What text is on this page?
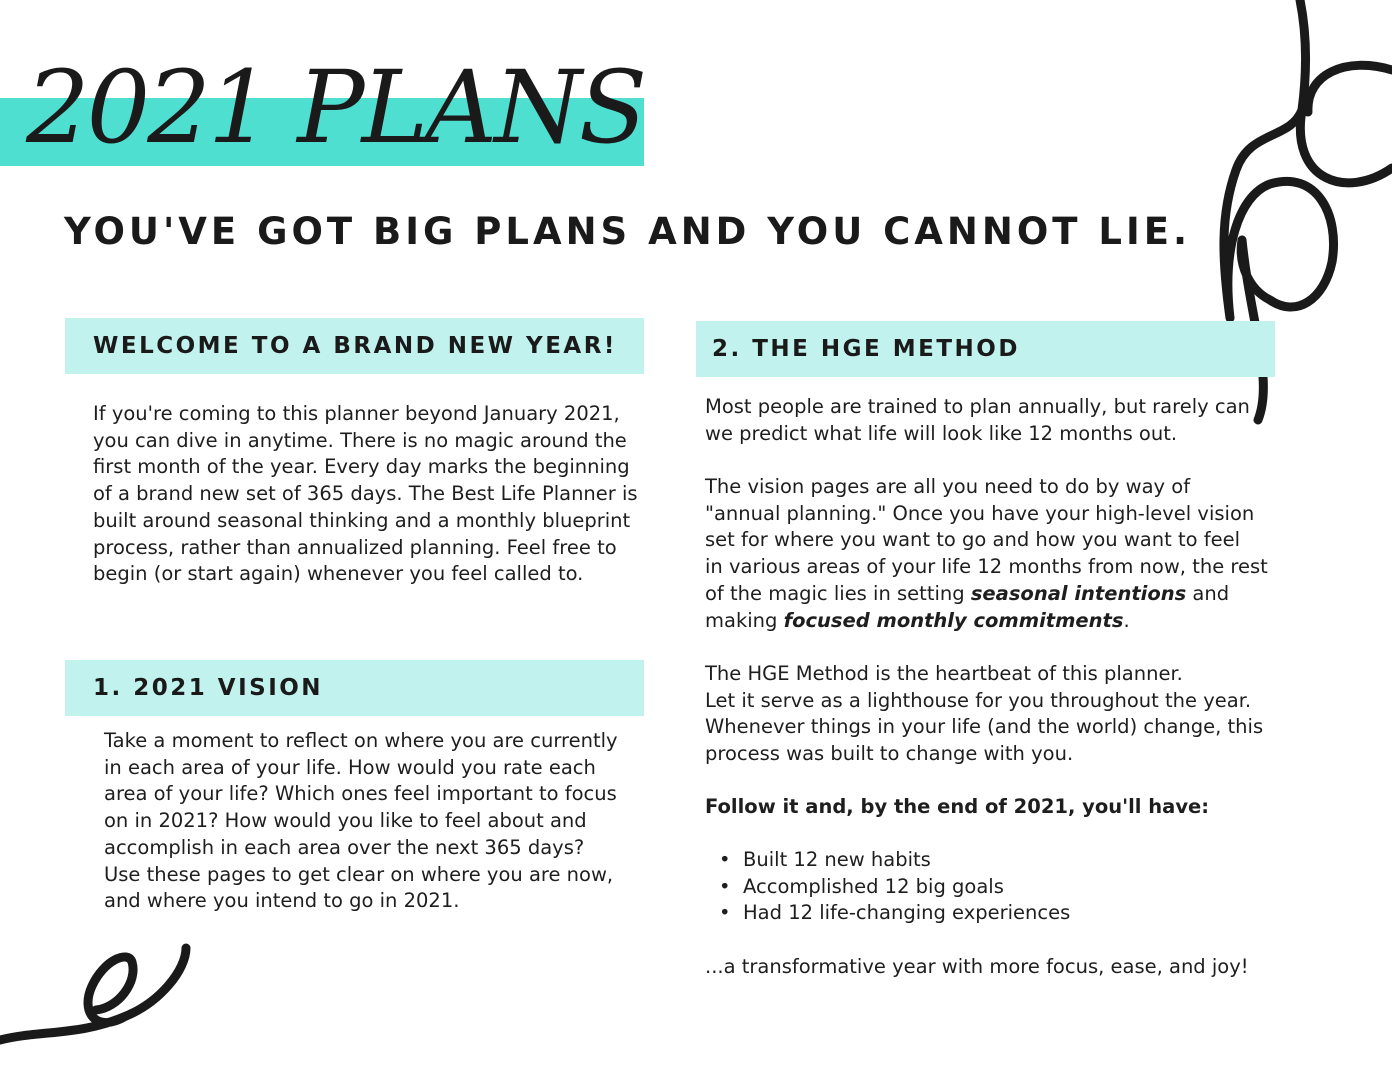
2021 PLANS
YOU'VE GOT BIG PLANS AND YOU CANNOT LIE.
WELCOME TO A BRAND NEW YEAR!

If you're coming to this planner beyond January 2021,
you can dive in anytime. There is no magic around the
first month of the year. Every day marks the beginning
of a brand new set of 365 days. The Best Life Planner is
built around seasonal thinking and a monthly blueprint
process, rather than annualized planning. Feel free to
begin (or start again) whenever you feel called to.

1. 2021 VISION

Take a moment to reflect on where you are currently
in each area of your life. How would you rate each
area of your life? Which ones feel important to focus
on in 2021? How would you like to feel about and
accomplish in each area over the next 365 days?
Use these pages to get clear on where you are now,
and where you intend to go in 2021.

2. THE HGE METHOD

Most people are trained to plan annually, but rarely can
we predict what life will look like 12 months out.

The vision pages are all you need to do by way of
"annual planning." Once you have your high-level vision
set for where you want to go and how you want to feel
in various areas of your life 12 months from now, the rest
of the magic lies in setting seasonal intentions and
making focused monthly commitments.

The HGE Method is the heartbeat of this planner.
Let it serve as a lighthouse for you throughout the year.
Whenever things in your life (and the world) change, this
process was built to change with you.

Follow it and, by the end of 2021, you'll have:

• Built 12 new habits
• Accomplished 12 big goals
• Had 12 life-changing experiences

...a transformative year with more focus, ease, and joy!
